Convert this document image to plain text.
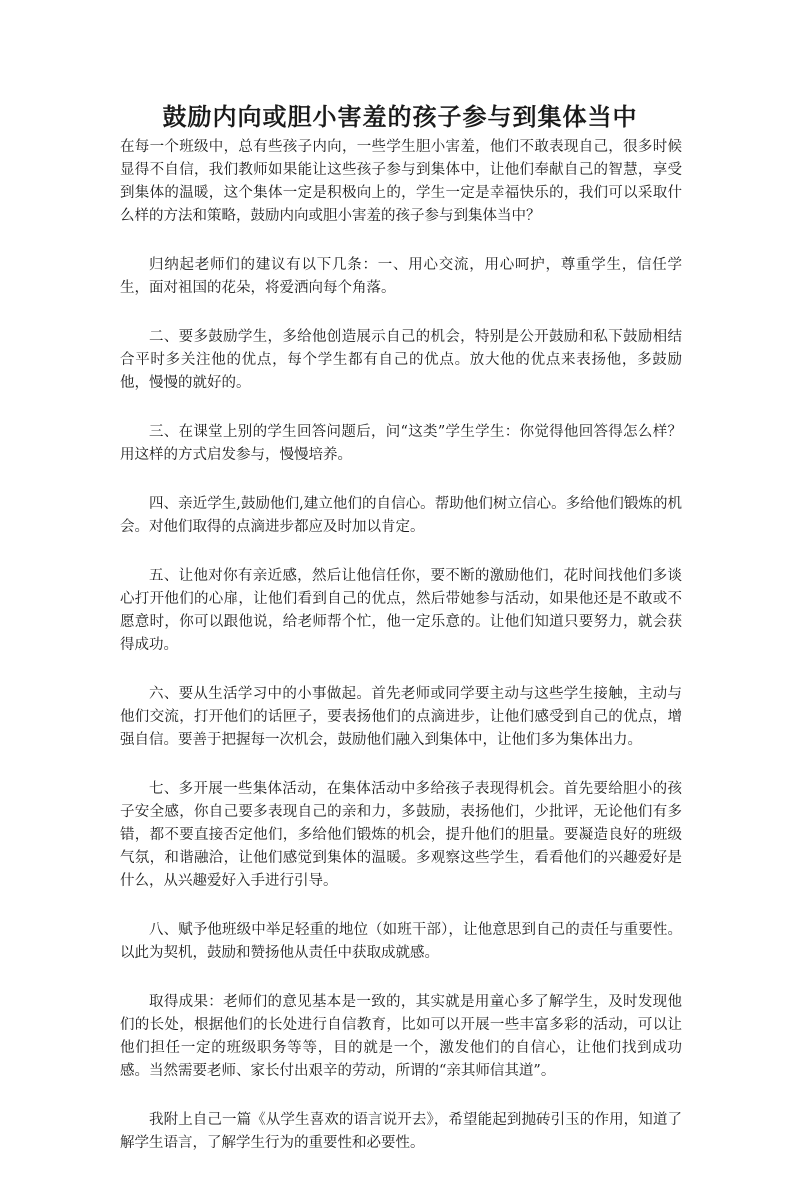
鼓励内向或胆小害羞的孩子参与到集体当中

在每一个班级中，总有些孩子内向，一些学生胆小害羞，他们不敢表现自己，很多时候显得不自信，我们教师如果能让这些孩子参与到集体中，让他们奉献自己的智慧，享受到集体的温暖，这个集体一定是积极向上的，学生一定是幸福快乐的，我们可以采取什么样的方法和策略，鼓励内向或胆小害羞的孩子参与到集体当中？

归纳起老师们的建议有以下几条：一、用心交流，用心呵护，尊重学生，信任学生，面对祖国的花朵，将爱洒向每个角落。

二、要多鼓励学生，多给他创造展示自己的机会，特别是公开鼓励和私下鼓励相结合平时多关注他的优点，每个学生都有自己的优点。放大他的优点来表扬他，多鼓励他，慢慢的就好的。

三、在课堂上别的学生回答问题后，问“这类”学生学生：你觉得他回答得怎么样？用这样的方式启发参与，慢慢培养。

四、亲近学生,鼓励他们,建立他们的自信心。帮助他们树立信心。多给他们锻炼的机会。对他们取得的点滴进步都应及时加以肯定。

五、让他对你有亲近感，然后让他信任你，要不断的激励他们，花时间找他们多谈心打开他们的心扉，让他们看到自己的优点，然后带她参与活动，如果他还是不敢或不愿意时，你可以跟他说，给老师帮个忙，他一定乐意的。让他们知道只要努力，就会获得成功。

六、要从生活学习中的小事做起。首先老师或同学要主动与这些学生接触，主动与他们交流，打开他们的话匣子，要表扬他们的点滴进步，让他们感受到自己的优点，增强自信。要善于把握每一次机会，鼓励他们融入到集体中，让他们多为集体出力。

七、多开展一些集体活动，在集体活动中多给孩子表现得机会。首先要给胆小的孩子安全感，你自己要多表现自己的亲和力，多鼓励，表扬他们，少批评，无论他们有多错，都不要直接否定他们，多给他们锻炼的机会，提升他们的胆量。要凝造良好的班级气氛，和谐融洽，让他们感觉到集体的温暖。多观察这些学生，看看他们的兴趣爱好是什么，从兴趣爱好入手进行引导。

八、赋予他班级中举足轻重的地位（如班干部），让他意思到自己的责任与重要性。以此为契机，鼓励和赞扬他从责任中获取成就感。

取得成果：老师们的意见基本是一致的，其实就是用童心多了解学生，及时发现他们的长处，根据他们的长处进行自信教育，比如可以开展一些丰富多彩的活动，可以让他们担任一定的班级职务等等，目的就是一个，激发他们的自信心，让他们找到成功感。当然需要老师、家长付出艰辛的劳动，所谓的“亲其师信其道”。

我附上自己一篇《从学生喜欢的语言说开去》，希望能起到抛砖引玉的作用，知道了解学生语言，了解学生行为的重要性和必要性。
